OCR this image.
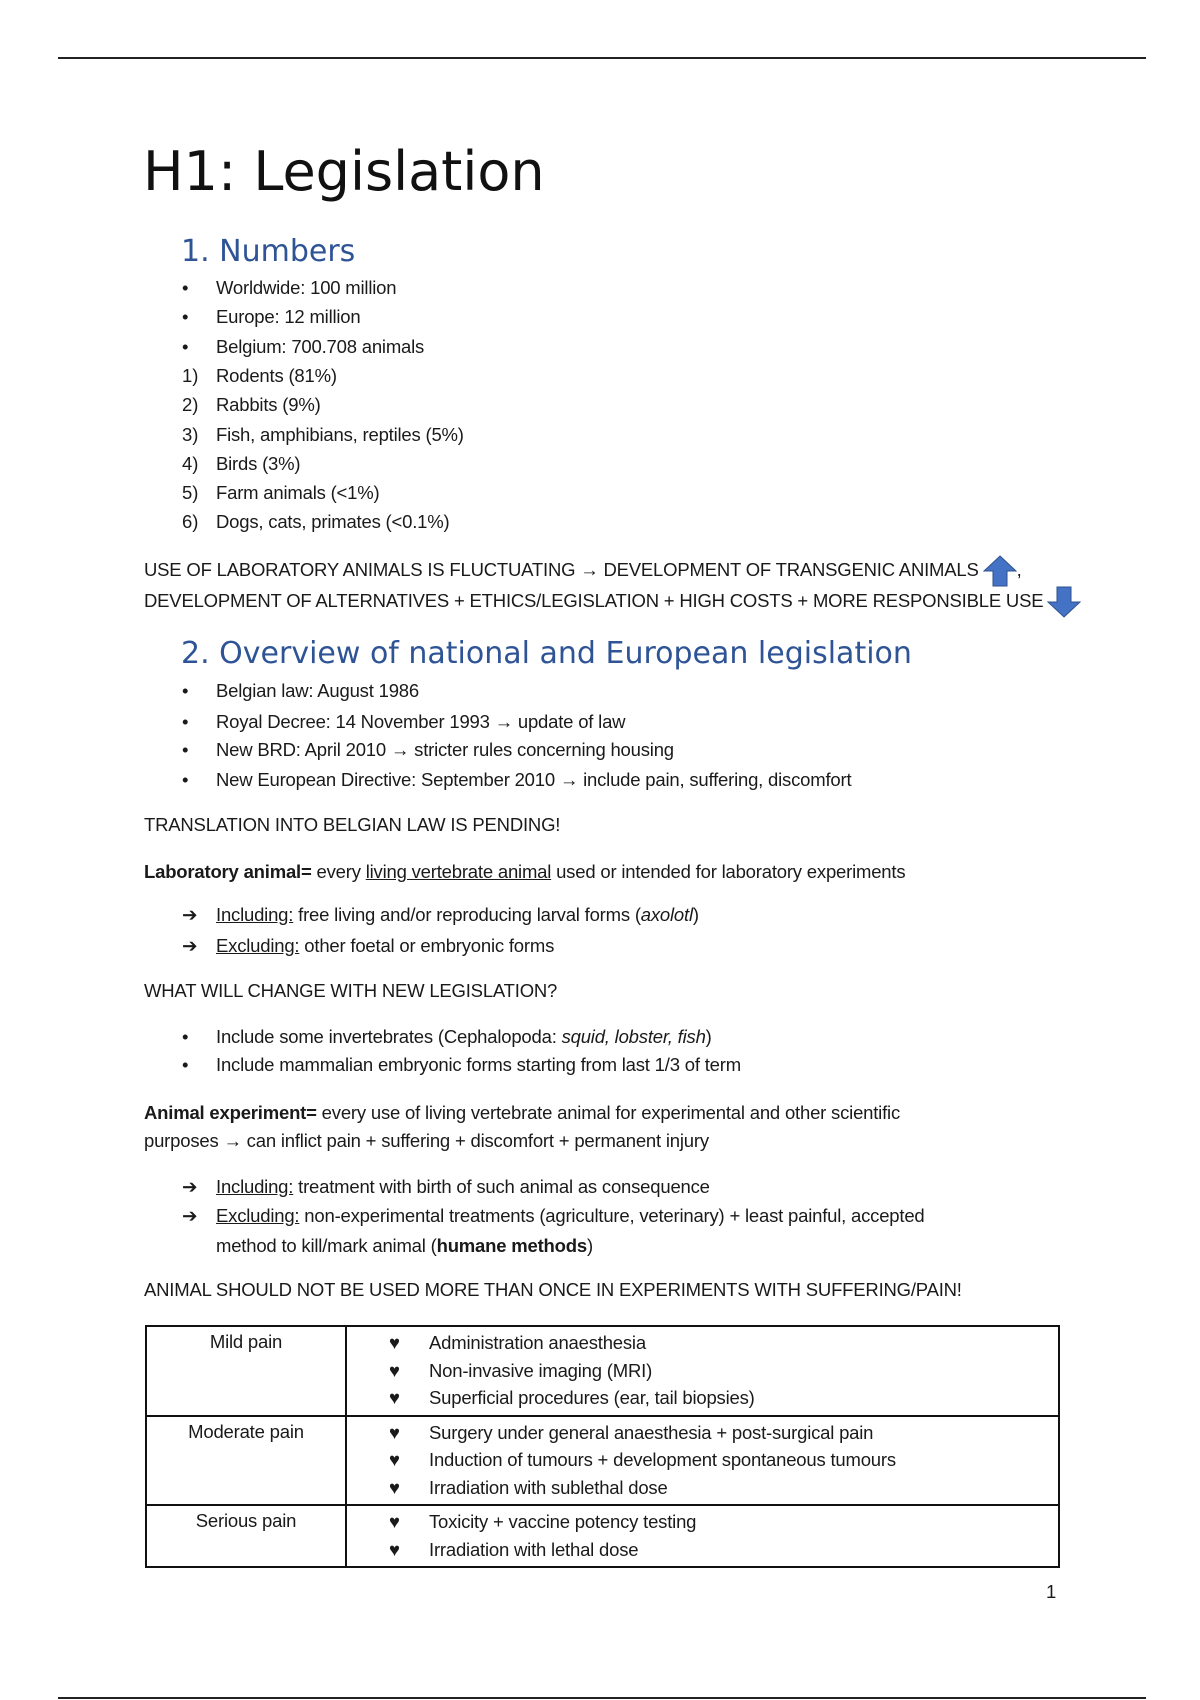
H1: Legislation
1. Numbers
• Worldwide: 100 million
• Europe: 12 million
• Belgium: 700.708 animals
1) Rodents (81%)
2) Rabbits (9%)
3) Fish, amphibians, reptiles (5%)
4) Birds (3%)
5) Farm animals (<1%)
6) Dogs, cats, primates (<0.1%)
USE OF LABORATORY ANIMALS IS FLUCTUATING → DEVELOPMENT OF TRANSGENIC ANIMALS ,
DEVELOPMENT OF ALTERNATIVES + ETHICS/LEGISLATION + HIGH COSTS + MORE RESPONSIBLE USE
2. Overview of national and European legislation
• Belgian law: August 1986
• Royal Decree: 14 November 1993 → update of law
• New BRD: April 2010 → stricter rules concerning housing
• New European Directive: September 2010 → include pain, suffering, discomfort
TRANSLATION INTO BELGIAN LAW IS PENDING!
Laboratory animal= every living vertebrate animal used or intended for laboratory experiments
➔ Including: free living and/or reproducing larval forms (axolotl)
➔ Excluding: other foetal or embryonic forms
WHAT WILL CHANGE WITH NEW LEGISLATION?
• Include some invertebrates (Cephalopoda: squid, lobster, fish)
• Include mammalian embryonic forms starting from last 1/3 of term
Animal experiment= every use of living vertebrate animal for experimental and other scientific
purposes → can inflict pain + suffering + discomfort + permanent injury
➔ Including: treatment with birth of such animal as consequence
➔ Excluding: non-experimental treatments (agriculture, veterinary) + least painful, accepted
method to kill/mark animal (humane methods)
ANIMAL SHOULD NOT BE USED MORE THAN ONCE IN EXPERIMENTS WITH SUFFERING/PAIN!
Mild pain	♥ Administration anaesthesia
♥ Non-invasive imaging (MRI)
♥ Superficial procedures (ear, tail biopsies)

Moderate pain	♥ Surgery under general anaesthesia + post-surgical pain
♥ Induction of tumours + development spontaneous tumours
♥ Irradiation with sublethal dose

Serious pain	♥ Toxicity + vaccine potency testing
♥ Irradiation with lethal dose
1
